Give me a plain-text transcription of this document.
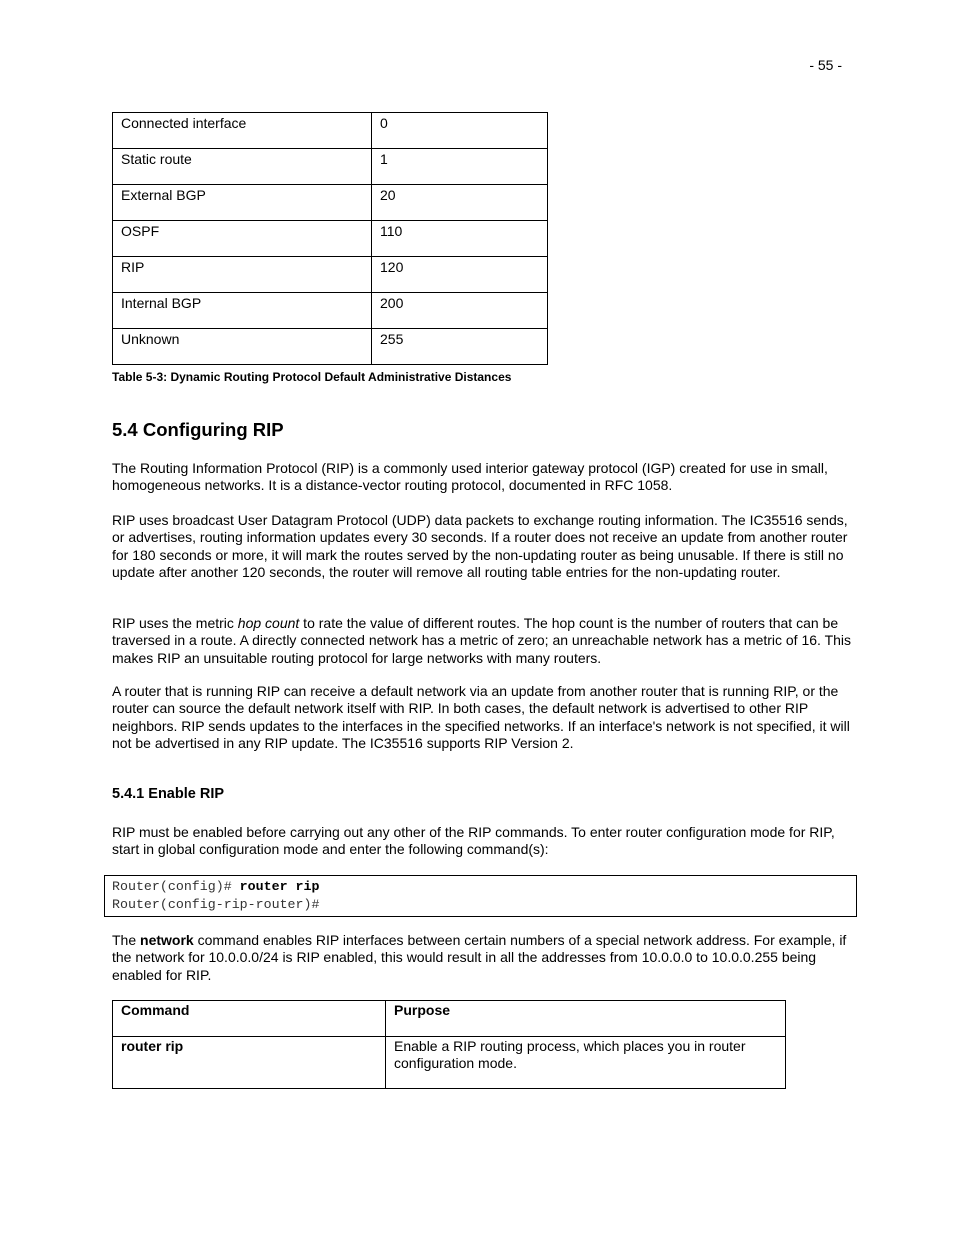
- 55 -
Connected interface	0
Static route	1
External BGP	20
OSPF	110
RIP	120
Internal BGP	200
Unknown	255
Table 5-3: Dynamic Routing Protocol Default Administrative Distances
5.4 Configuring RIP

The Routing Information Protocol (RIP) is a commonly used interior gateway protocol (IGP) created for use in small, homogeneous networks. It is a distance-vector routing protocol, documented in RFC 1058.

RIP uses broadcast User Datagram Protocol (UDP) data packets to exchange routing information. The IC35516 sends, or advertises, routing information updates every 30 seconds. If a router does not receive an update from another router for 180 seconds or more, it will mark the routes served by the non-updating router as being unusable. If there is still no update after another 120 seconds, the router will remove all routing table entries for the non-updating router.

RIP uses the metric hop count to rate the value of different routes. The hop count is the number of routers that can be traversed in a route. A directly connected network has a metric of zero; an unreachable network has a metric of 16. This makes RIP an unsuitable routing protocol for large networks with many routers.

A router that is running RIP can receive a default network via an update from another router that is running RIP, or the router can source the default network itself with RIP. In both cases, the default network is advertised to other RIP neighbors. RIP sends updates to the interfaces in the specified networks. If an interface's network is not specified, it will not be advertised in any RIP update. The IC35516 supports RIP Version 2.

5.4.1 Enable RIP

RIP must be enabled before carrying out any other of the RIP commands. To enter router configuration mode for RIP, start in global configuration mode and enter the following command(s):

Router(config)# router rip
Router(config-rip-router)#

The network command enables RIP interfaces between certain numbers of a special network address. For example, if the network for 10.0.0.0/24 is RIP enabled, this would result in all the addresses from 10.0.0.0 to 10.0.0.255 being enabled for RIP.

Command	Purpose
router rip	Enable a RIP routing process, which places you in router configuration mode.
